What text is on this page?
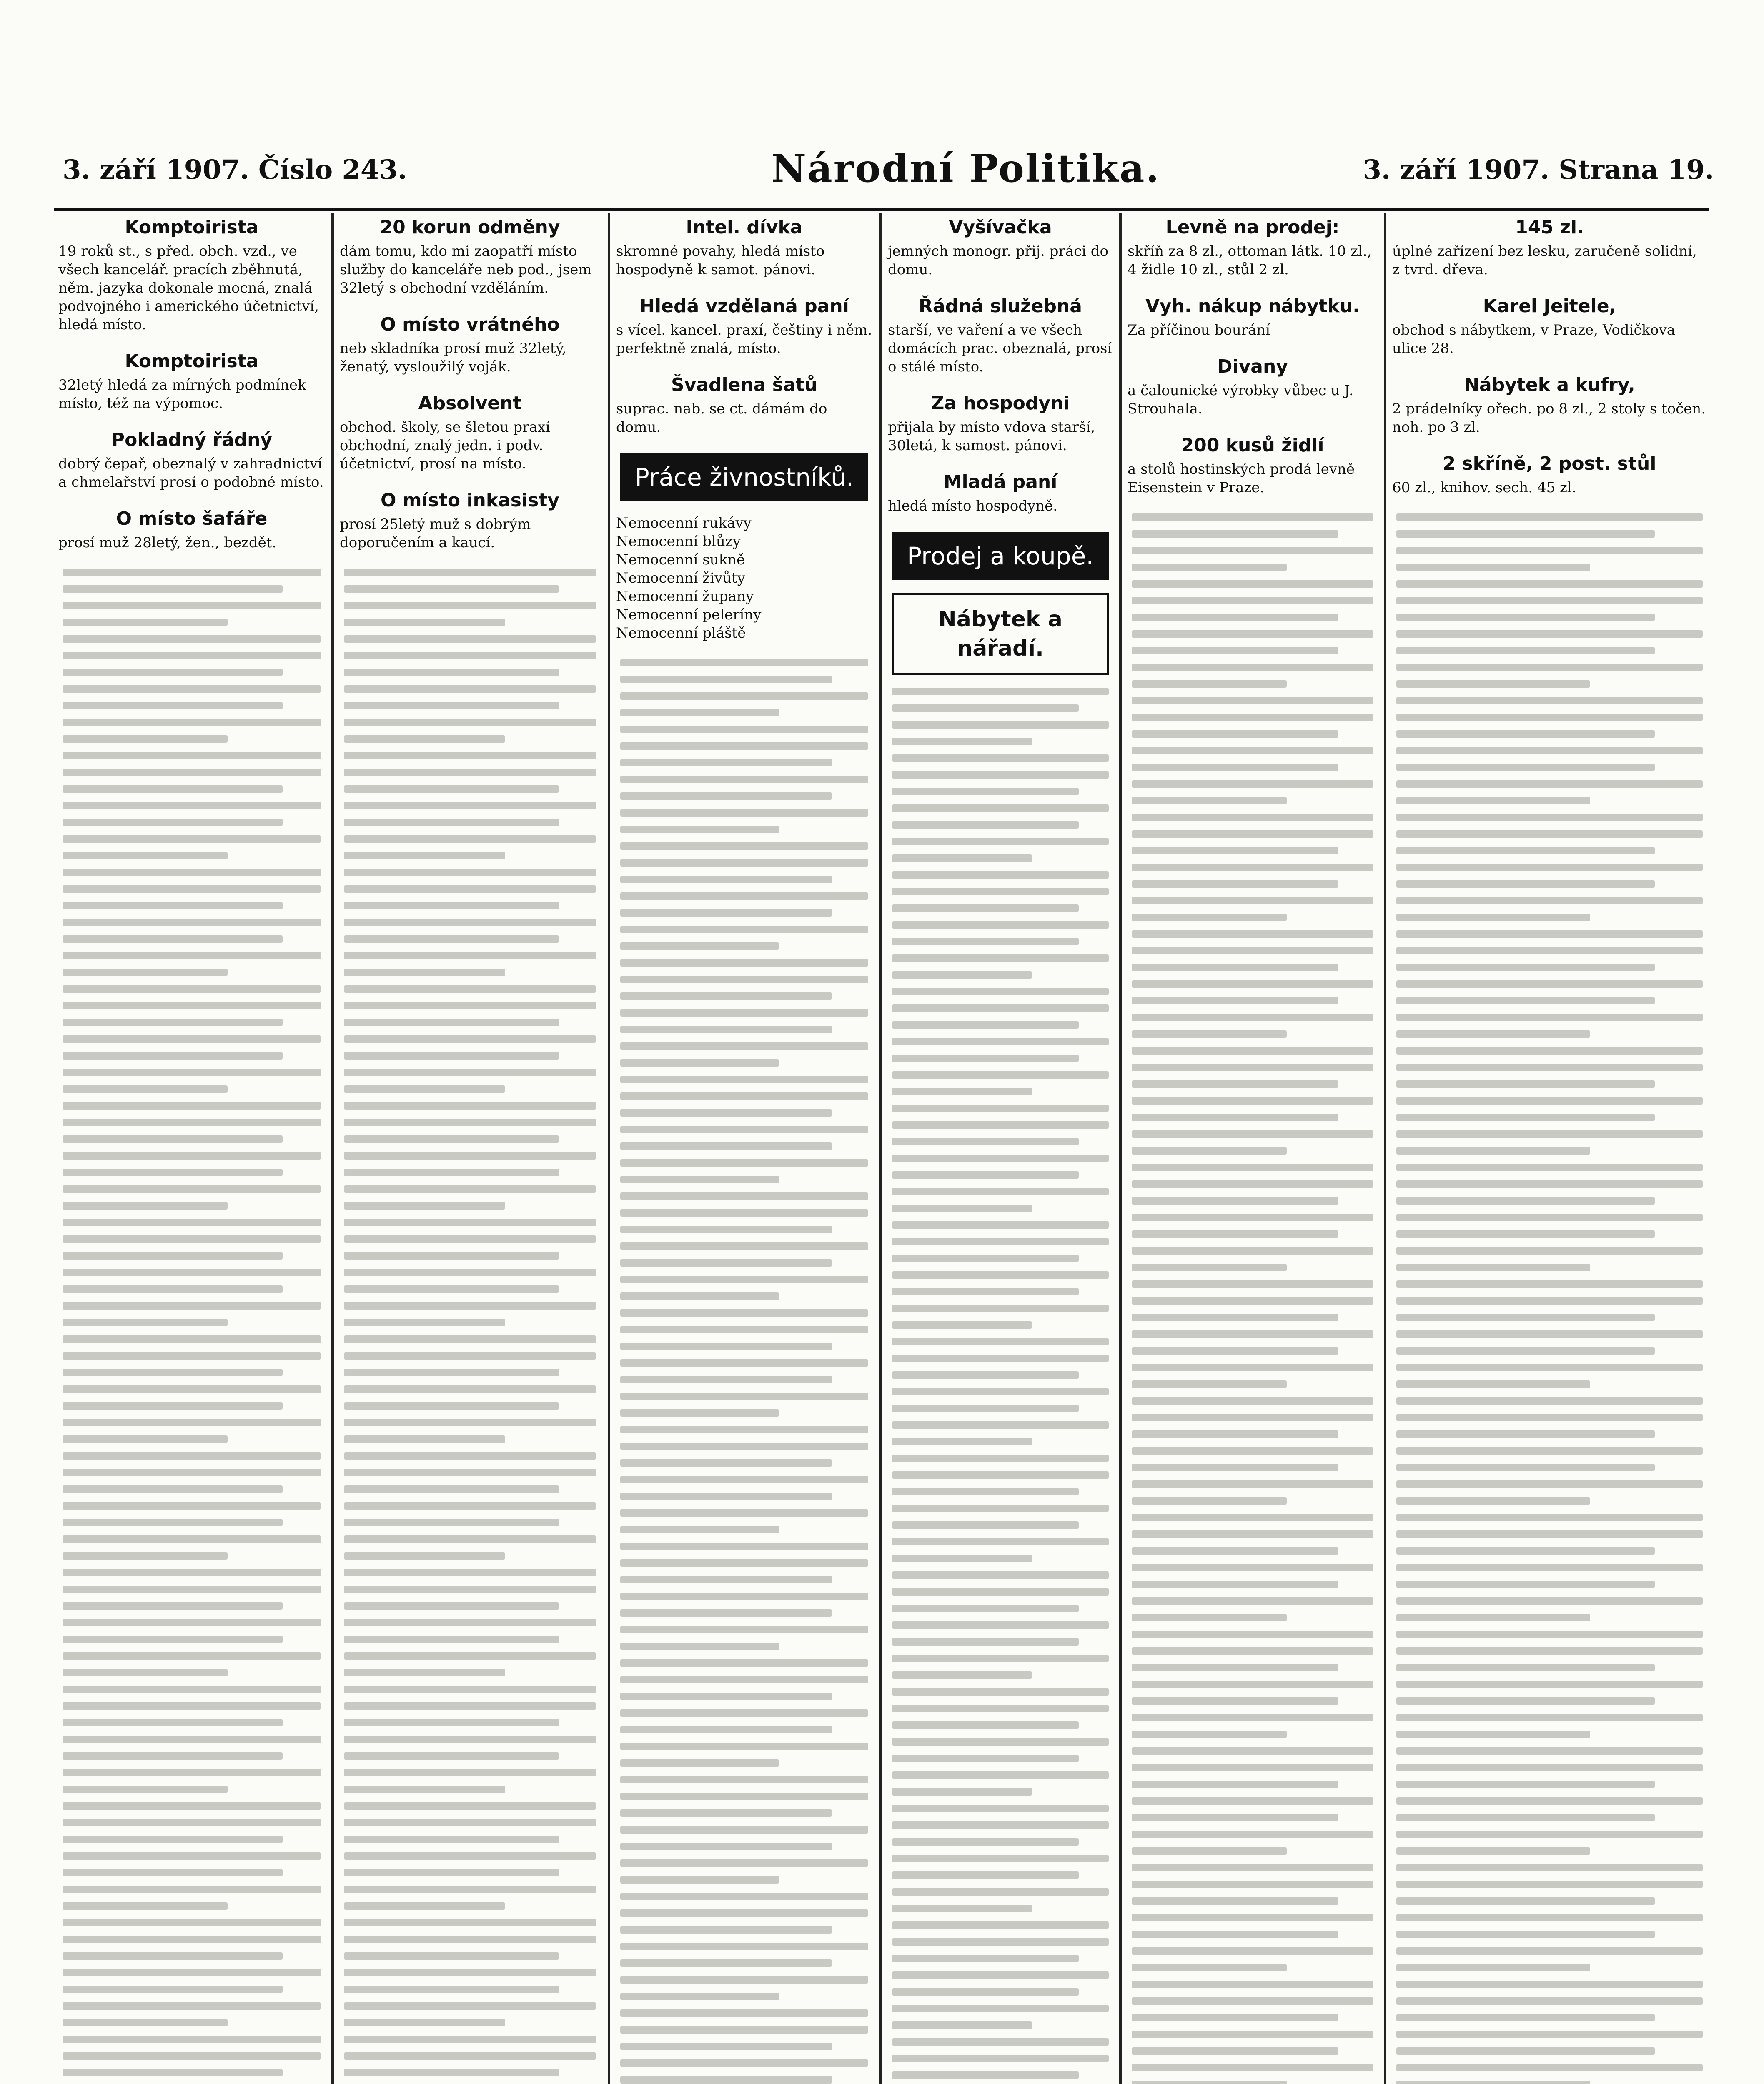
3. září 1907. Číslo 243.	Národní Politika.	3. září 1907. Strana 19.
Komptoiristа
19 roků st., s před. obch. vzd., ve všech kancelář. pracích zběhnutá, něm. jazyka dokonale mocná, znalá podvojného i amerického účetnictví, hledá místo.
Komptoiristа
32letý hledá za mírných podmínek místo, též na výpomoc.
Pokladný řádný
dobrý čepař, obeznalý v zahradnictví a chmelařství prosí o podobné místo.
O místo šafáře
prosí muž 28letý, žen., bezdět.
20 korun odměny
dám tomu, kdo mi zaopatří místo služby do kanceláře neb pod., jsem 32letý s obchodní vzděláním.
O místo vrátného
neb skladníka prosí muž 32letý, ženatý, vysloužilý voják.
Absolvent
obchod. školy, se šletou praxí obchodní, znalý jedn. i podv. účetnictví, prosí na místo.
O místo inkasisty
prosí 25letý muž s dobrým doporučením a kaucí.
Intel. dívka
skromné povahy, hledá místo hospodyně k samot. pánovi.
Hledá vzdělaná paní
s vícel. kancel. praxí, češtiny i něm. perfektně znalá, místo.
Švadlena šatů
suprac. nab. se ct. dámám do domu.
Práce živnostníků.
Nemocenní rukávy
Nemocenní blůzy
Nemocenní sukně
Nemocenní živůty
Nemocenní župany
Nemocenní peleríny
Nemocenní pláště
Vyšívačka
jemných monogr. přij. práci do domu.
Řádná služebná
starší, ve vaření a ve všech domácích prac. obeznalá, prosí o stálé místo.
Za hospodyni
přijala by místo vdova starší, 30letá, k samost. pánovi.
Mladá paní
hledá místo hospodyně.
Prodej a koupě.
Nábytek a nářadí.
Levně na prodej:
skříň za 8 zl., ottoman látk. 10 zl., 4 židle 10 zl., stůl 2 zl.
Vyh. nákup nábytku.
Za příčinou bourání
Divany
a čalounické výrobky vůbec u J. Strouhala.
200 kusů židlí
a stolů hostinských prodá levně Eisenstein v Praze.
145 zl.
úplné zařízení bez lesku, zaručeně solidní, z tvrd. dřeva.
Karel Jeitele,
obchod s nábytkem, v Praze, Vodičkova ulice 28.
Nábytek a kufry,
2 prádelníky ořech. po 8 zl., 2 stoly s točen. noh. po 3 zl.
2 skříně, 2 post. stůl
60 zl., knihov. sech. 45 zl.
